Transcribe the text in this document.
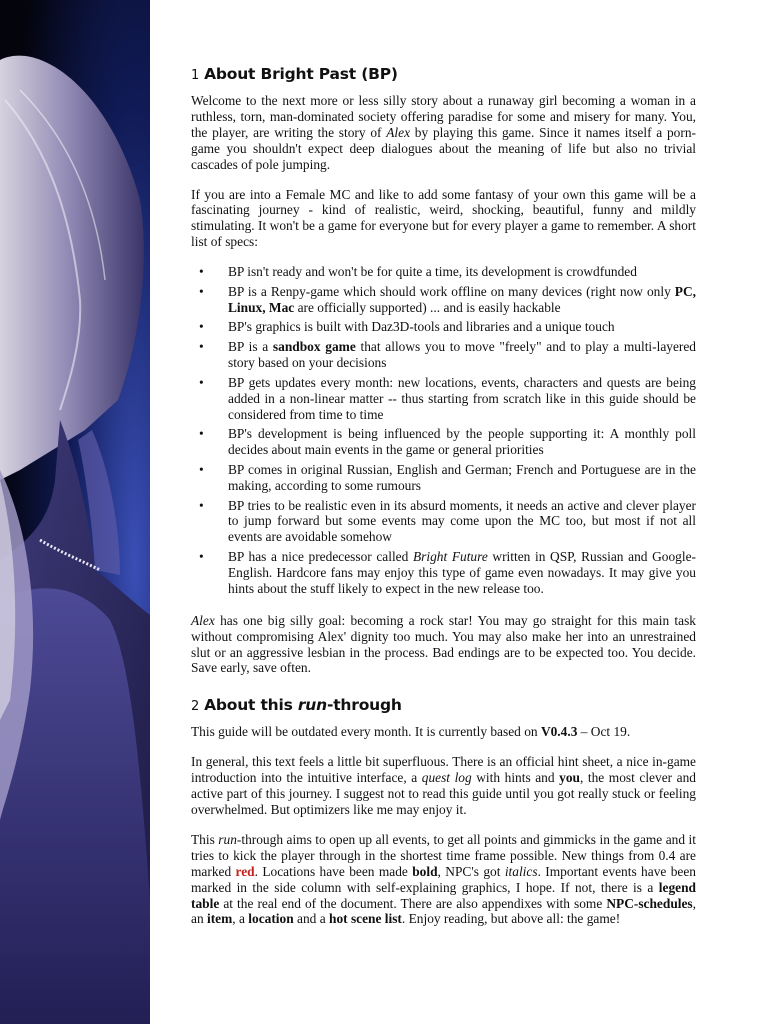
1 About Bright Past (BP)

Welcome to the next more or less silly story about a runaway girl becoming a woman in a ruthless, torn, man-dominated society offering paradise for some and misery for many. You, the player, are writing the story of Alex by playing this game. Since it names itself a porn-game you shouldn't expect deep dialogues about the meaning of life but also no trivial cascades of pole jumping.

If you are into a Female MC and like to add some fantasy of your own this game will be a fascinating journey - kind of realistic, weird, shocking, beautiful, funny and mildly stimulating. It won't be a game for everyone but for every player a game to remember. A short list of specs:

• BP isn't ready and won't be for quite a time, its development is crowdfunded
• BP is a Renpy-game which should work offline on many devices (right now only PC, Linux, Mac are officially supported) ... and is easily hackable
• BP's graphics is built with Daz3D-tools and libraries and a unique touch
• BP is a sandbox game that allows you to move "freely" and to play a multi-layered story based on your decisions
• BP gets updates every month: new locations, events, characters and quests are being added in a non-linear matter -- thus starting from scratch like in this guide should be considered from time to time
• BP's development is being influenced by the people supporting it: A monthly poll decides about main events in the game or general priorities
• BP comes in original Russian, English and German; French and Portuguese are in the making, according to some rumours
• BP tries to be realistic even in its absurd moments, it needs an active and clever player to jump forward but some events may come upon the MC too, but most if not all events are avoidable somehow
• BP has a nice predecessor called Bright Future written in QSP, Russian and Google-English. Hardcore fans may enjoy this type of game even nowadays. It may give you hints about the stuff likely to expect in the new release too.

Alex has one big silly goal: becoming a rock star! You may go straight for this main task without compromising Alex' dignity too much. You may also make her into an unrestrained slut or an aggressive lesbian in the process. Bad endings are to be expected too. You decide. Save early, save often.

2 About this run-through

This guide will be outdated every month. It is currently based on V0.4.3 – Oct 19.

In general, this text feels a little bit superfluous. There is an official hint sheet, a nice in-game introduction into the intuitive interface, a quest log with hints and you, the most clever and active part of this journey. I suggest not to read this guide until you got really stuck or feeling overwhelmed. But optimizers like me may enjoy it.

This run-through aims to open up all events, to get all points and gimmicks in the game and it tries to kick the player through in the shortest time frame possible. New things from 0.4 are marked red. Locations have been made bold, NPC's got italics. Important events have been marked in the side column with self-explaining graphics, I hope. If not, there is a legend table at the real end of the document. There are also appendixes with some NPC-schedules, an item, a location and a hot scene list. Enjoy reading, but above all: the game!
